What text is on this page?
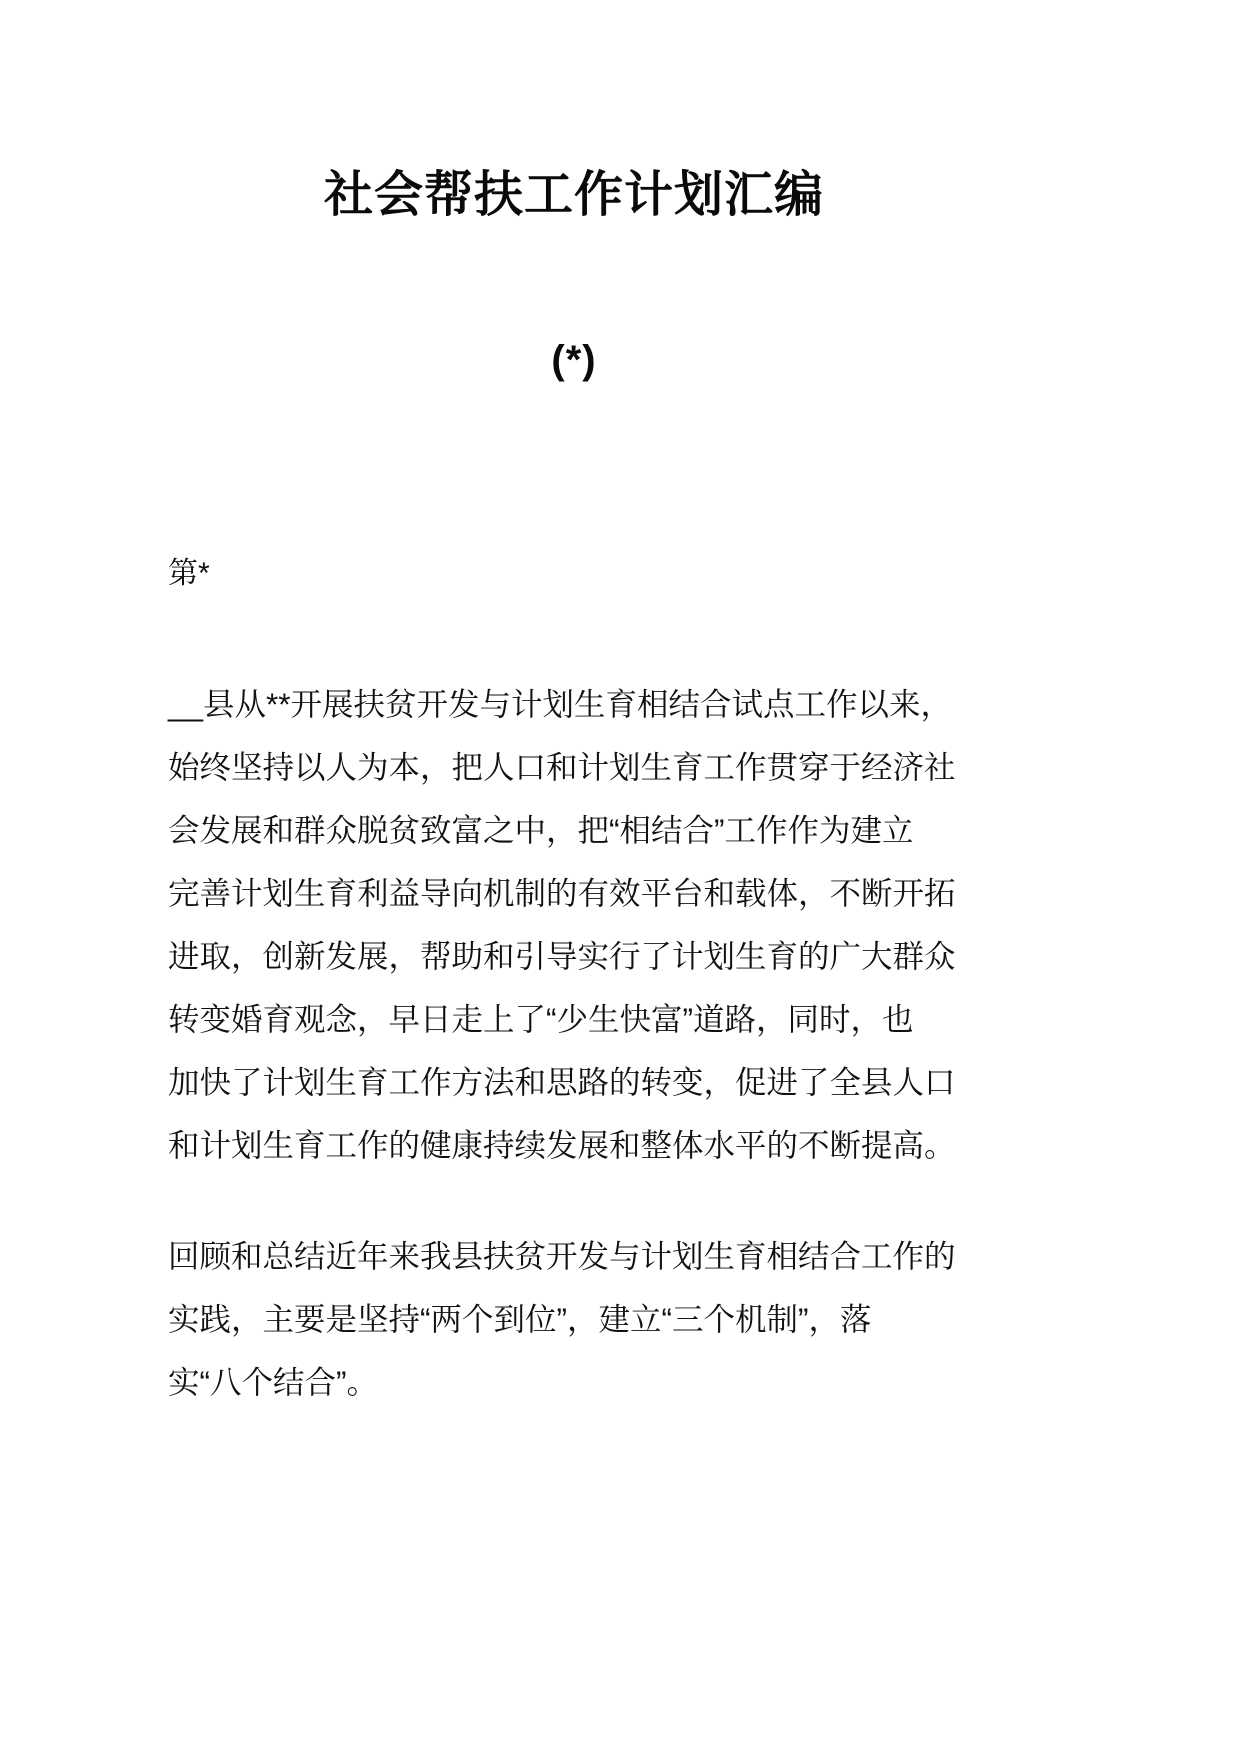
社会帮扶工作计划汇编
(*)

第*

__县从**开展扶贫开发与计划生育相结合试点工作以来，
始终坚持以人为本，把人口和计划生育工作贯穿于经济社
会发展和群众脱贫致富之中，把“相结合”工作作为建立
完善计划生育利益导向机制的有效平台和载体，不断开拓
进取，创新发展，帮助和引导实行了计划生育的广大群众
转变婚育观念，早日走上了“少生快富”道路，同时，也
加快了计划生育工作方法和思路的转变，促进了全县人口
和计划生育工作的健康持续发展和整体水平的不断提高。

回顾和总结近年来我县扶贫开发与计划生育相结合工作的
实践，主要是坚持“两个到位”，建立“三个机制”，落
实“八个结合”。
